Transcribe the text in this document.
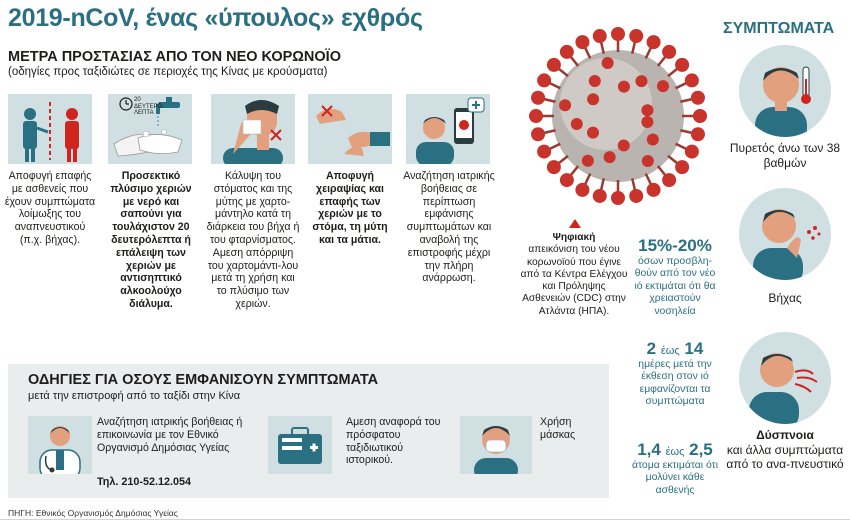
2019-nCoV, ένας «ύπουλος» εχθρός
ΜΕΤΡΑ ΠΡΟΣΤΑΣΙΑΣ ΑΠΟ ΤΟΝ ΝΕΟ ΚΟΡΩΝΟΪΟ
(οδηγίες προς ταξιδιώτες σε περιοχές της Κίνας με κρούσματα)
Αποφυγή επαφής με ασθενείς που έχουν συμπτώματα λοίμωξης του αναπνευστικού (π.χ. βήχας).
20 ΔΕΥΤΕΡΟ- ΛΕΠΤΑ
Προσεκτικό πλύσιμο χεριών με νερό και σαπούνι για τουλάχιστον 20 δευτερόλεπτα ή επάλειψη των χεριών με αντισηπτικό αλκοολούχο διάλυμα.
Κάλυψη του στόματος και της μύτης με χαρτο-μάντηλο κατά τη διάρκεια του βήχα ή του φταρνίσματος. Αμεση απόρριψη του χαρτομάντι-λου μετά τη χρήση και το πλύσιμο των χεριών.
Αποφυγή χειραψίας και επαφής των χεριών με το στόμα, τη μύτη και τα μάτια.
Αναζήτηση ιατρικής βοήθειας σε περίπτωση εμφάνισης συμπτωμάτων και αναβολή της επιστροφής μέχρι την πλήρη ανάρρωση.
Ψηφιακή
απεικόνιση του νέου κορωνοϊού που έγινε από τα Κέντρα Ελέγχου και Πρόληψης Ασθενειών (CDC) στην Ατλάντα (ΗΠΑ).
15%-20%
όσων προσβλη-θούν από τον νέο ιό εκτιμάται ότι θα χρειαστούν νοσηλεία
2 έως 14
ημέρες μετά την έκθεση στον ιό εμφανίζονται τα συμπτώματα
1,4 έως 2,5
άτομα εκτιμάται ότι μολύνει κάθε ασθενής
ΣΥΜΠΤΩΜΑΤΑ
Πυρετός άνω των 38 βαθμών
Βήχας
Δύσπνοια
και άλλα συμπτώματα από το ανα-πνευστικό
ΟΔΗΓΙΕΣ ΓΙΑ ΟΣΟΥΣ ΕΜΦΑΝΙΣΟΥΝ ΣΥΜΠΤΩΜΑΤΑ
μετά την επιστροφή από το ταξίδι στην Κίνα
Αναζήτηση ιατρικής βοήθειας ή επικοινωνία με τον Εθνικό Οργανισμό Δημόσιας Υγείας
Τηλ. 210-52.12.054
Αμεση αναφορά του πρόσφατου ταξιδιωτικού ιστορικού.
Χρήση μάσκας
ΠΗΓΗ: Εθνικός Οργανισμός Δημόσιας Υγείας
